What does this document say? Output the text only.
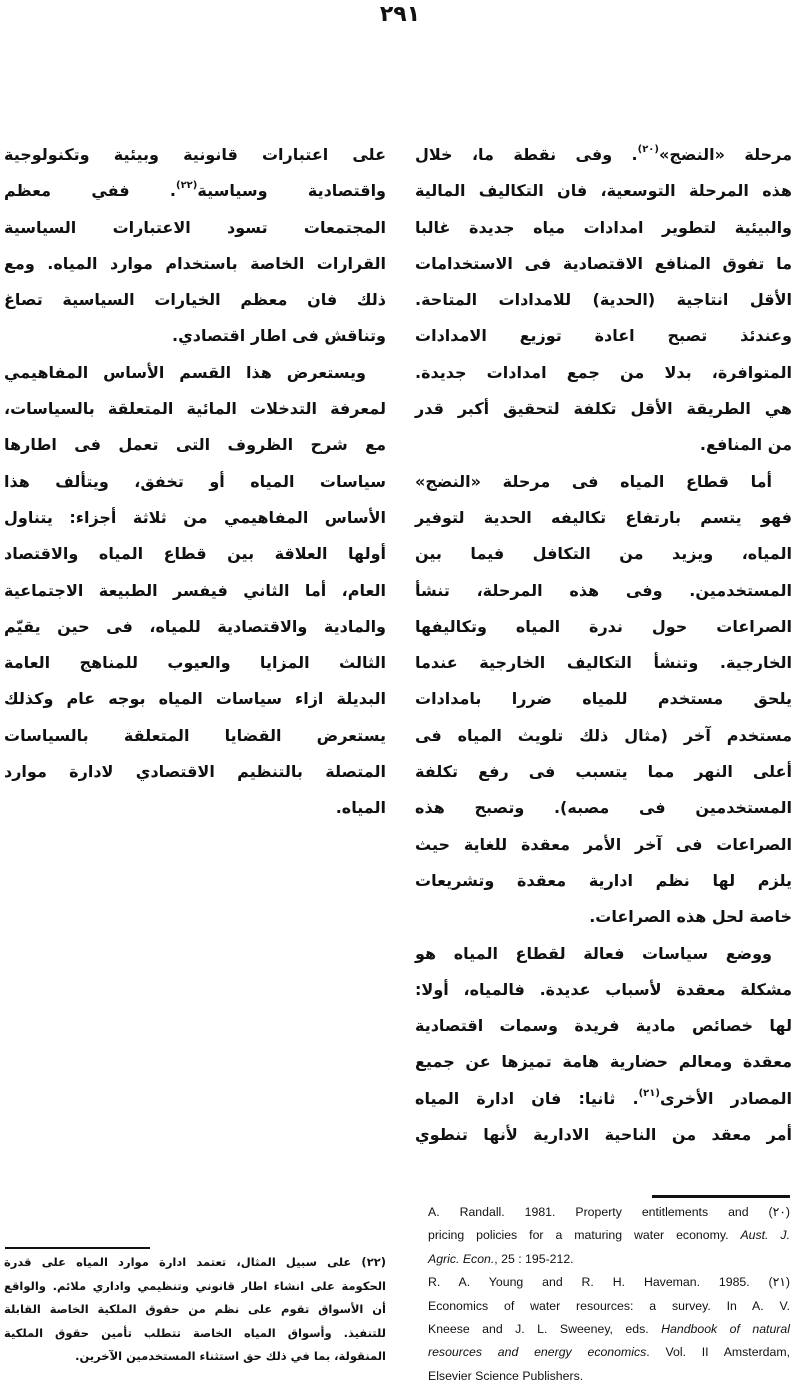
٢٩١
مرحلة «النضج»$^{(٢٠)}$. وفى نقطة ما، خلال
هذه المرحلة التوسعية، فان التكاليف المالية
والبيئية لتطوير امدادات مياه جديدة غالبا
ما تفوق المنافع الاقتصادية فى الاستخدامات
الأقل انتاجية (الحدية) للامدادات المتاحة.
وعندئذ تصبح اعادة توزيع الامدادات
المتوافرة، بدلا من جمع امدادات جديدة.
هي الطريقة الأقل تكلفة لتحقيق أكبر قدر
من المنافع.
أما قطاع المياه فى مرحلة «النضج»
فهو يتسم بارتفاع تكاليفه الحدية لتوفير
المياه، ويزيد من التكافل فيما بين
المستخدمين. وفى هذه المرحلة، تنشأ
الصراعات حول ندرة المياه وتكاليفها
الخارجية. وتنشأ التكاليف الخارجية عندما
يلحق مستخدم للمياه ضررا بامدادات
مستخدم آخر (مثال ذلك تلويث المياه فى
أعلى النهر مما يتسبب فى رفع تكلفة
المستخدمين فى مصبه). وتصبح هذه
الصراعات فى آخر الأمر معقدة للغاية حيث
يلزم لها نظم ادارية معقدة وتشريعات
خاصة لحل هذه الصراعات.
ووضع سياسات فعالة لقطاع المياه هو
مشكلة معقدة لأسباب عديدة. فالمياه، أولا:
لها خصائص مادية فريدة وسمات اقتصادية
معقدة ومعالم حضارية هامة تميزها عن جميع
المصادر الأخرى$^{(٢١)}$. ثانيا: فان ادارة المياه
أمر معقد من الناحية الادارية لأنها تنطوي
على اعتبارات قانونية وبيئية وتكنولوجية
واقتصادية وسياسية$^{(٢٢)}$. ففي معظم
المجتمعات تسود الاعتبارات السياسية
القرارات الخاصة باستخدام موارد المياه. ومع
ذلك فان معظم الخيارات السياسية تصاغ
وتناقش فى اطار اقتصادي.
ويستعرض هذا القسم الأساس المفاهيمي
لمعرفة التدخلات المائية المتعلقة بالسياسات،
مع شرح الظروف التى تعمل فى اطارها
سياسات المياه أو تخفق، ويتألف هذا
الأساس المفاهيمي من ثلاثة أجزاء: يتناول
أولها العلاقة بين قطاع المياه والاقتصاد
العام، أما الثاني فيفسر الطبيعة الاجتماعية
والمادية والاقتصادية للمياه، فى حين يقيّم
الثالث المزايا والعيوب للمناهج العامة
البديلة ازاء سياسات المياه بوجه عام وكذلك
يستعرض القضايا المتعلقة بالسياسات
المتصلة بالتنظيم الاقتصادي لادارة موارد
المياه.
A. Randall. 1981. Property entitlements and (٢٠)
pricing policies for a maturing water economy. Aust. J.
Agric. Econ., 25 : 195-212.
R. A. Young and R. H. Haveman. 1985. (٢١)
Economics of water resources: a survey. In A. V.
Kneese and J. L. Sweeney, eds. Handbook of natural
resources and energy economics. Vol. II Amsterdam,
Elsevier Science Publishers.
(٢٢) على سبيل المثال، تعتمد ادارة موارد المياه على قدرة
الحكومة على انشاء اطار قانوني وتنظيمي واداري ملائم. والواقع
أن الأسواق تقوم على نظم من حقوق الملكية الخاصة القابلة
للتنفيذ. وأسواق المياه الخاصة تتطلب تأمين حقوق الملكية
المنقولة، بما في ذلك حق استثناء المستخدمين الآخرين.
